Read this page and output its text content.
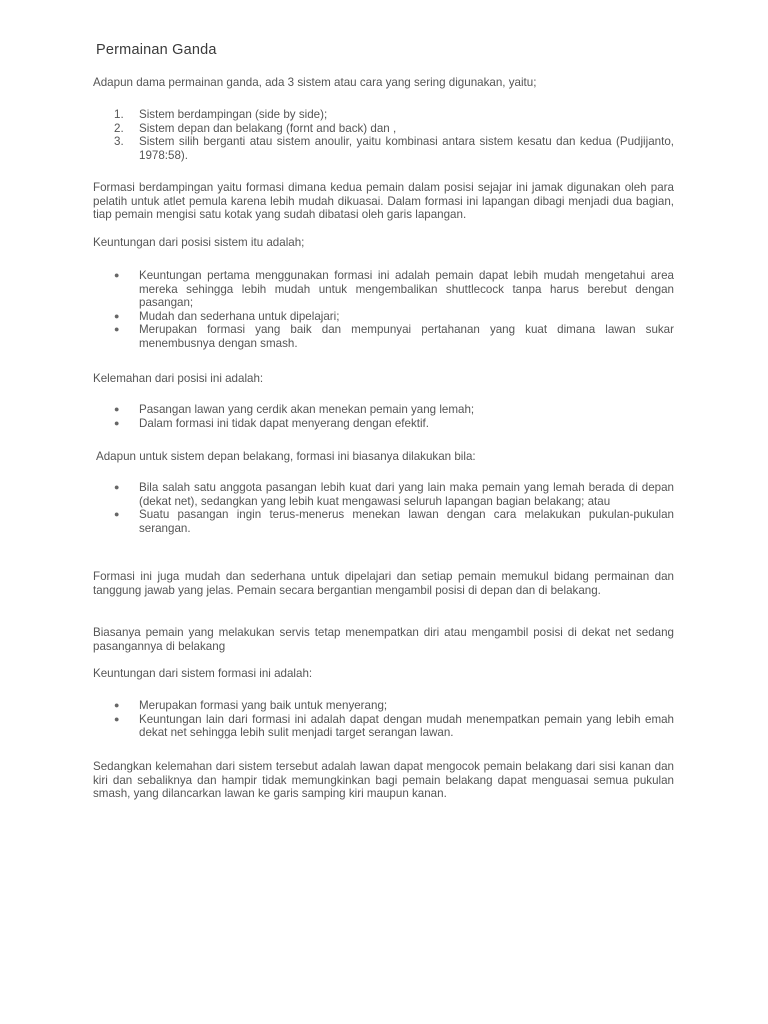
Permainan Ganda

Adapun dama permainan ganda, ada 3 sistem atau cara yang sering digunakan, yaitu;

1.	Sistem berdampingan (side by side);
2.	Sistem depan dan belakang (fornt and back) dan ,
3.	Sistem silih berganti atau sistem anoulir, yaitu kombinasi antara sistem kesatu dan kedua (Pudjijanto, 1978:58).

Formasi berdampingan yaitu formasi dimana kedua pemain dalam posisi sejajar ini jamak digunakan oleh para pelatih untuk atlet pemula karena lebih mudah dikuasai. Dalam formasi ini lapangan dibagi menjadi dua bagian, tiap pemain mengisi satu kotak yang sudah dibatasi oleh garis lapangan.

Keuntungan dari posisi sistem itu adalah;

●
Keuntungan pertama menggunakan formasi ini adalah pemain dapat lebih mudah mengetahui area mereka sehingga lebih mudah untuk mengembalikan shuttlecock tanpa harus berebut dengan pasangan;
●
Mudah dan sederhana untuk dipelajari;
●
Merupakan formasi yang baik dan mempunyai pertahanan yang kuat dimana lawan sukar menembusnya dengan smash.

Kelemahan dari posisi ini adalah:

●
Pasangan lawan yang cerdik akan menekan pemain yang lemah;
●
Dalam formasi ini tidak dapat menyerang dengan efektif.

Adapun untuk sistem depan belakang, formasi ini biasanya dilakukan bila:

●
Bila salah satu anggota pasangan lebih kuat dari yang lain maka pemain yang lemah berada di depan (dekat net), sedangkan yang lebih kuat mengawasi seluruh lapangan bagian belakang; atau
●
Suatu pasangan ingin terus-menerus menekan lawan dengan cara melakukan pukulan-pukulan serangan.

Formasi ini juga mudah dan sederhana untuk dipelajari dan setiap pemain memukul bidang permainan dan tanggung jawab yang jelas. Pemain secara bergantian mengambil posisi di depan dan di belakang.

Biasanya pemain yang melakukan servis tetap menempatkan diri atau mengambil posisi di dekat net sedang pasangannya di belakang

Keuntungan dari sistem formasi ini adalah:

●
Merupakan formasi yang baik untuk menyerang;
●
Keuntungan lain dari formasi ini adalah dapat dengan mudah menempatkan pemain yang lebih emah dekat net sehingga lebih sulit menjadi target serangan lawan.

Sedangkan kelemahan dari sistem tersebut adalah lawan dapat mengocok pemain belakang dari sisi kanan dan kiri dan sebaliknya dan hampir tidak memungkinkan bagi pemain belakang dapat menguasai semua pukulan smash, yang dilancarkan lawan ke garis samping kiri maupun kanan.
